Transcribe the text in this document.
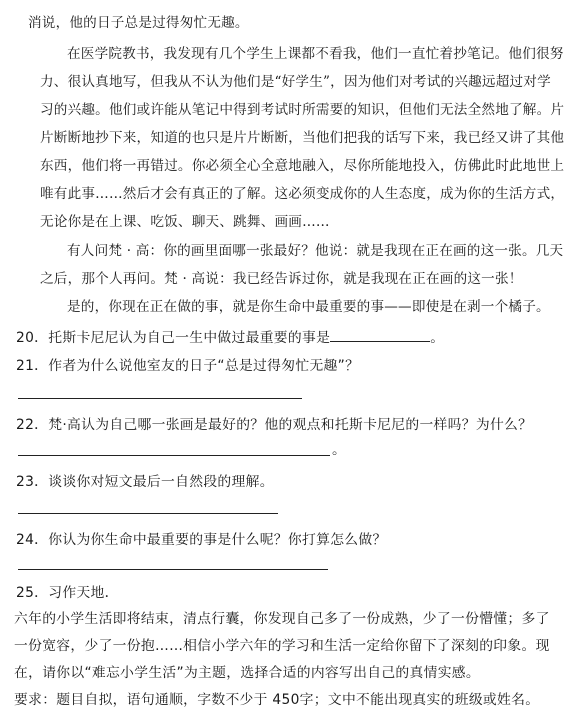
消说，他的日子总是过得匆忙无趣。
在医学院教书，我发现有几个学生上课都不看我，他们一直忙着抄笔记。他们很努
力、很认真地写，但我从不认为他们是“好学生”，因为他们对考试的兴趣远超过对学
习的兴趣。他们或许能从笔记中得到考试时所需要的知识，但他们无法全然地了解。片
片断断地抄下来，知道的也只是片片断断，当他们把我的话写下来，我已经又讲了其他
东西，他们将一再错过。你必须全心全意地融入，尽你所能地投入，仿佛此时此地世上
唯有此事……然后才会有真正的了解。这必须变成你的人生态度，成为你的生活方式，
无论你是在上课、吃饭、聊天、跳舞、画画……
有人问梵 · 高：你的画里面哪一张最好？他说：就是我现在正在画的这一张。几天
之后，那个人再问。梵 · 高说：我已经告诉过你，就是我现在正在画的这一张！
是的，你现在正在做的事，就是你生命中最重要的事——即使是在剥一个橘子。
20．托斯卡尼尼认为自己一生中做过最重要的事是	。
21．作者为什么说他室友的日子“总是过得匆忙无趣”？
22．梵·高认为自己哪一张画是最好的？他的观点和托斯卡尼尼的一样吗？为什么？
。
23．谈谈你对短文最后一自然段的理解。
24．你认为你生命中最重要的事是什么呢？你打算怎么做？
25．习作天地．
六年的小学生活即将结束，清点行囊，你发现自己多了一份成熟，少了一份懵懂；多了
一份宽容，少了一份抱……相信小学六年的学习和生活一定给你留下了深刻的印象。现
在，请你以“难忘小学生活”为主题，选择合适的内容写出自己的真情实感。
要求：题目自拟，语句通顺，字数不少于 450字；文中不能出现真实的班级或姓名。
